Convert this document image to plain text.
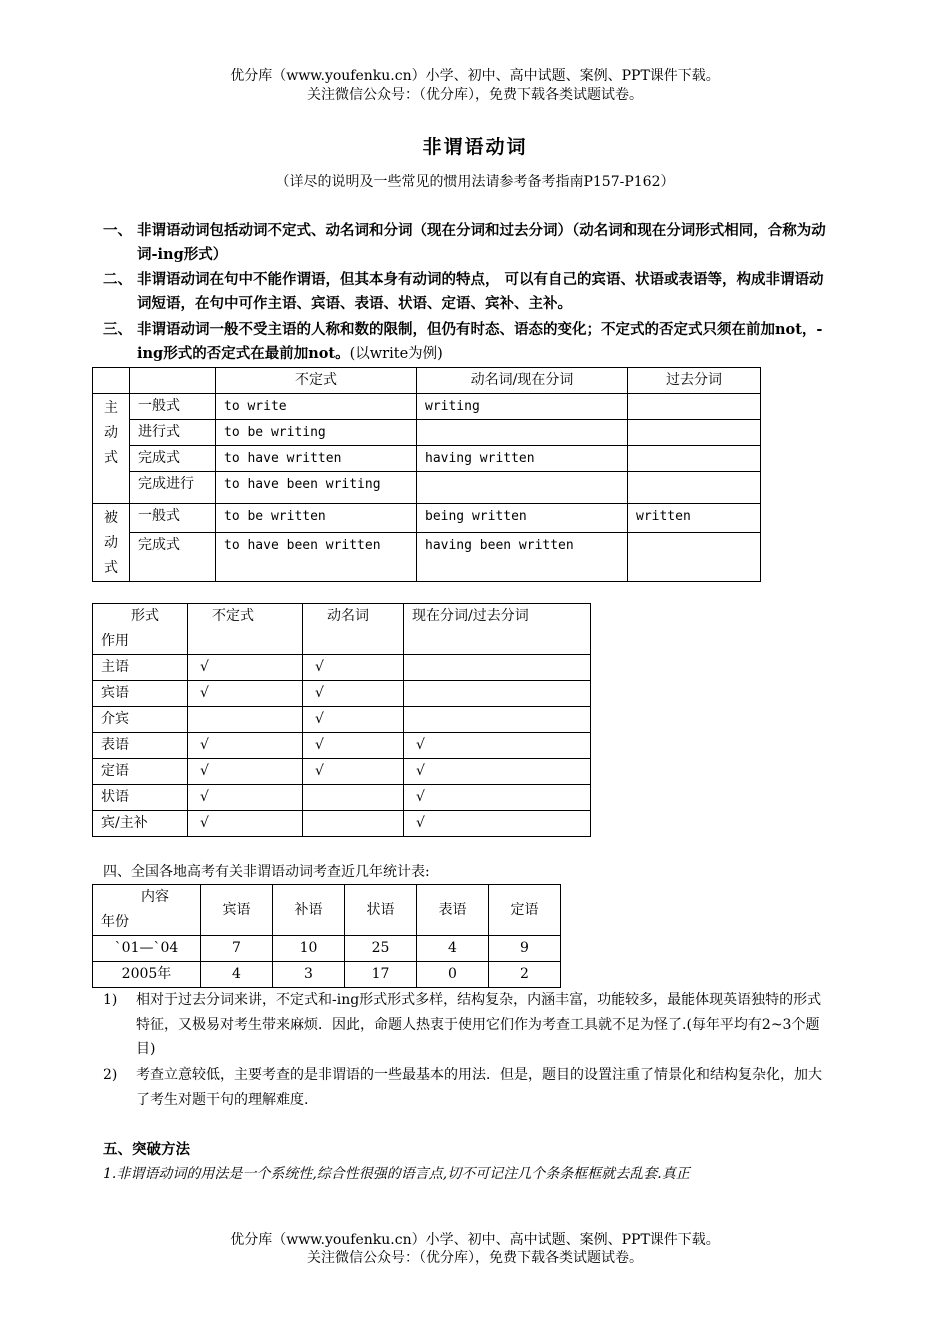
优分库（www.youfenku.cn）小学、初中、高中试题、案例、PPT课件下载。
关注微信公众号：（优分库），免费下载各类试题试卷。
非谓语动词
（详尽的说明及一些常见的惯用法请参考备考指南P157-P162）
一、 非谓语动词包括动词不定式、动名词和分词（现在分词和过去分词）（动名词和现在分词形式相同，合称为动词-ing形式）
二、 非谓语动词在句中不能作谓语，但其本身有动词的特点， 可以有自己的宾语、状语或表语等，构成非谓语动词短语，在句中可作主语、宾语、表语、状语、定语、宾补、主补。
三、 非谓语动词一般不受主语的人称和数的限制，但仍有时态、语态的变化；不定式的否定式只须在前加not，-ing形式的否定式在最前加not。(以write为例)
		不定式	动名词/现在分词	过去分词

主
动
式	一般式	to write	writing	
	进行式	to be writing		
	完成式	to have written	having written	
	完成进行	to have been writing		

被
动
式	一般式	to be written	being written	written
	完成式	to have been written	having been written	
形式
作用	不定式	动名词	现在分词/过去分词
主语	√	√	
宾语	√	√	
介宾		√	
表语	√	√	√
定语	√	√	√
状语	√		√
宾/主补	√		√
四、全国各地高考有关非谓语动词考查近几年统计表:
内容
年份	宾语	补语	状语	表语	定语
`01—`04	7	10	25	4	9
2005年	4	3	17	0	2
1)	相对于过去分词来讲，不定式和-ing形式形式多样，结构复杂，内涵丰富，功能较多，最能体现英语独特的形式特征，又极易对考生带来麻烦．因此，命题人热衷于使用它们作为考查工具就不足为怪了.(每年平均有2~3个题目)
2)	考查立意较低，主要考查的是非谓语的一些最基本的用法．但是，题目的设置注重了情景化和结构复杂化，加大了考生对题干句的理解难度.
五、突破方法
1.非谓语动词的用法是一个系统性,综合性很强的语言点,切不可记注几个条条框框就去乱套.真正
优分库（www.youfenku.cn）小学、初中、高中试题、案例、PPT课件下载。
关注微信公众号：（优分库），免费下载各类试题试卷。
